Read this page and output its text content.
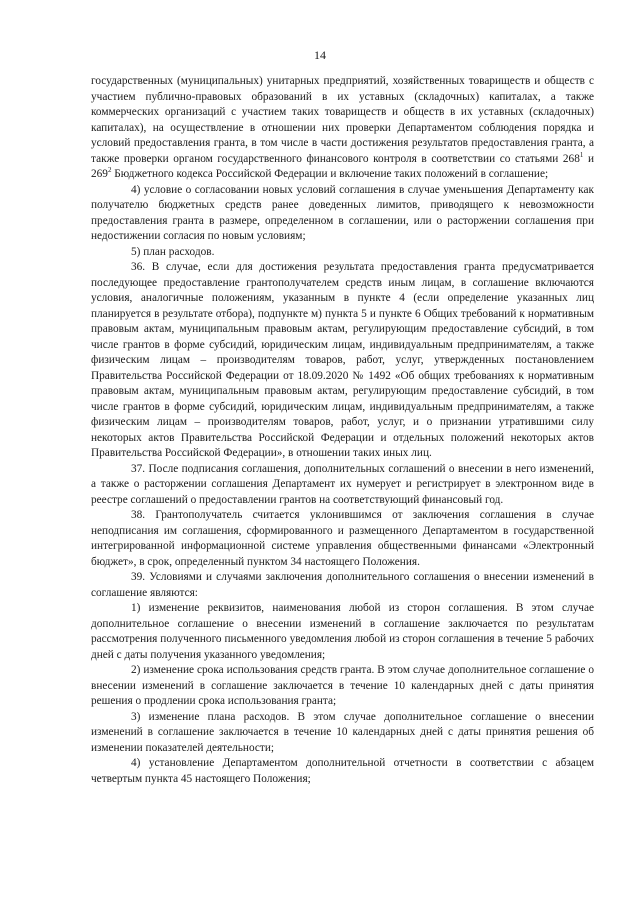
14

государственных (муниципальных) унитарных предприятий, хозяйственных товариществ и обществ с участием публично-правовых образований в их уставных (складочных) капиталах, а также коммерческих организаций с участием таких товариществ и обществ в их уставных (складочных) капиталах), на осуществление в отношении них проверки Департаментом соблюдения порядка и условий предоставления гранта, в том числе в части достижения результатов предоставления гранта, а также проверки органом государственного финансового контроля в соответствии со статьями $268^1$ и $269^2$ Бюджетного кодекса Российской Федерации и включение таких положений в соглашение;

4) условие о согласовании новых условий соглашения в случае уменьшения Департаменту как получателю бюджетных средств ранее доведенных лимитов, приводящего к невозможности предоставления гранта в размере, определенном в соглашении, или о расторжении соглашения при недостижении согласия по новым условиям;

5) план расходов.

36. В случае, если для достижения результата предоставления гранта предусматривается последующее предоставление грантополучателем средств иным лицам, в соглашение включаются условия, аналогичные положениям, указанным в пункте 4 (если определение указанных лиц планируется в результате отбора), подпункте м) пункта 5 и пункте 6 Общих требований к нормативным правовым актам, муниципальным правовым актам, регулирующим предоставление субсидий, в том числе грантов в форме субсидий, юридическим лицам, индивидуальным предпринимателям, а также физическим лицам – производителям товаров, работ, услуг, утвержденных постановлением Правительства Российской Федерации от 18.09.2020 № 1492 «Об общих требованиях к нормативным правовым актам, муниципальным правовым актам, регулирующим предоставление субсидий, в том числе грантов в форме субсидий, юридическим лицам, индивидуальным предпринимателям, а также физическим лицам – производителям товаров, работ, услуг, и о признании утратившими силу некоторых актов Правительства Российской Федерации и отдельных положений некоторых актов Правительства Российской Федерации», в отношении таких иных лиц.

37. После подписания соглашения, дополнительных соглашений о внесении в него изменений, а также о расторжении соглашения Департамент их нумерует и регистрирует в электронном виде в реестре соглашений о предоставлении грантов на соответствующий финансовый год.

38. Грантополучатель считается уклонившимся от заключения соглашения в случае неподписания им соглашения, сформированного и размещенного Департаментом в государственной интегрированной информационной системе управления общественными финансами «Электронный бюджет», в срок, определенный пунктом 34 настоящего Положения.

39. Условиями и случаями заключения дополнительного соглашения о внесении изменений в соглашение являются:

1) изменение реквизитов, наименования любой из сторон соглашения. В этом случае дополнительное соглашение о внесении изменений в соглашение заключается по результатам рассмотрения полученного письменного уведомления любой из сторон соглашения в течение 5 рабочих дней с даты получения указанного уведомления;

2) изменение срока использования средств гранта. В этом случае дополнительное соглашение о внесении изменений в соглашение заключается в течение 10 календарных дней с даты принятия решения о продлении срока использования гранта;

3) изменение плана расходов. В этом случае дополнительное соглашение о внесении изменений в соглашение заключается в течение 10 календарных дней с даты принятия решения об изменении показателей деятельности;

4) установление Департаментом дополнительной отчетности в соответствии с абзацем четвертым пункта 45 настоящего Положения;
